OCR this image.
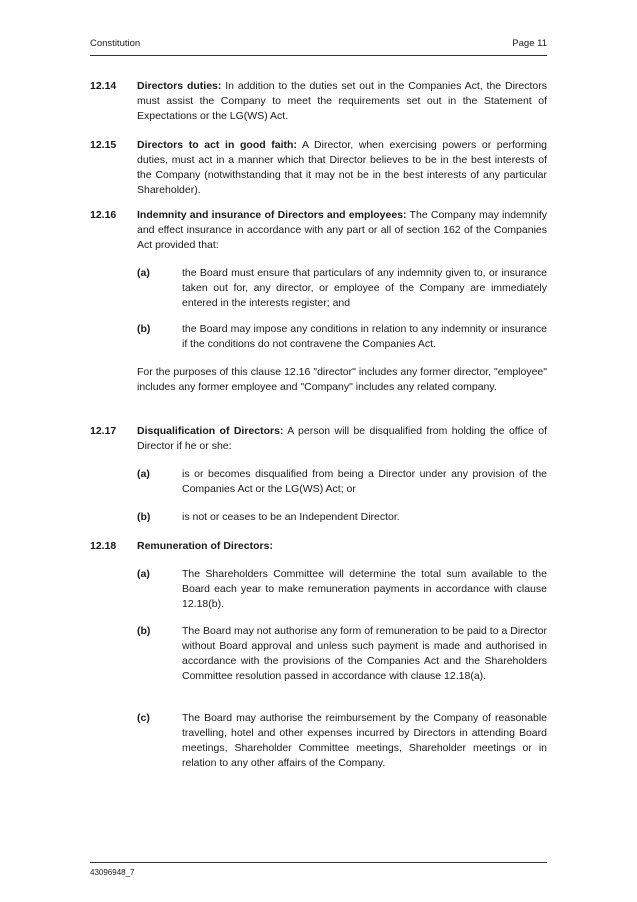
Constitution	Page 11
12.14 Directors duties: In addition to the duties set out in the Companies Act, the Directors must assist the Company to meet the requirements set out in the Statement of Expectations or the LG(WS) Act.
12.15 Directors to act in good faith: A Director, when exercising powers or performing duties, must act in a manner which that Director believes to be in the best interests of the Company (notwithstanding that it may not be in the best interests of any particular Shareholder).
12.16 Indemnity and insurance of Directors and employees: The Company may indemnify and effect insurance in accordance with any part or all of section 162 of the Companies Act provided that:
(a)	the Board must ensure that particulars of any indemnity given to, or insurance taken out for, any director, or employee of the Company are immediately entered in the interests register; and
(b)	the Board may impose any conditions in relation to any indemnity or insurance if the conditions do not contravene the Companies Act.
For the purposes of this clause 12.16 "director" includes any former director, "employee" includes any former employee and "Company" includes any related company.
12.17 Disqualification of Directors: A person will be disqualified from holding the office of Director if he or she:
(a)	is or becomes disqualified from being a Director under any provision of the Companies Act or the LG(WS) Act; or
(b)	is not or ceases to be an Independent Director.
12.18 Remuneration of Directors:
(a)	The Shareholders Committee will determine the total sum available to the Board each year to make remuneration payments in accordance with clause 12.18(b).
(b)	The Board may not authorise any form of remuneration to be paid to a Director without Board approval and unless such payment is made and authorised in accordance with the provisions of the Companies Act and the Shareholders Committee resolution passed in accordance with clause 12.18(a).
(c)	The Board may authorise the reimbursement by the Company of reasonable travelling, hotel and other expenses incurred by Directors in attending Board meetings, Shareholder Committee meetings, Shareholder meetings or in relation to any other affairs of the Company.
43096948_7
